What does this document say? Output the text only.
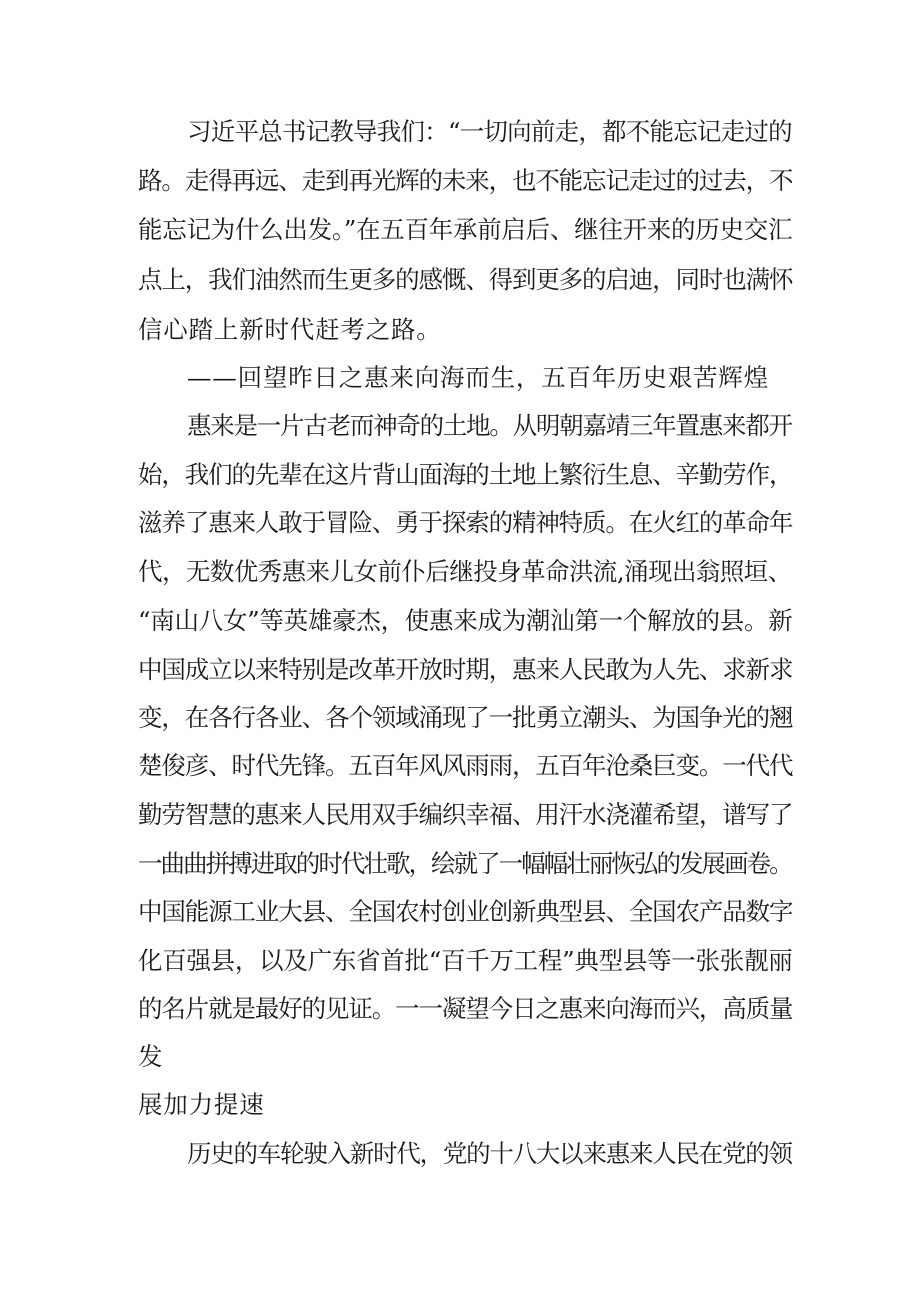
习近平总书记教导我们：“一切向前走，都不能忘记走过的
路。走得再远、走到再光辉的未来，也不能忘记走过的过去，不
能忘记为什么出发。”在五百年承前启后、继往开来的历史交汇
点上，我们油然而生更多的感慨、得到更多的启迪，同时也满怀
信心踏上新时代赶考之路。
——回望昨日之惠来向海而生，五百年历史艰苦辉煌
惠来是一片古老而神奇的土地。从明朝嘉靖三年置惠来都开
始，我们的先辈在这片背山面海的土地上繁衍生息、辛勤劳作，
滋养了惠来人敢于冒险、勇于探索的精神特质。在火红的革命年
代，无数优秀惠来儿女前仆后继投身革命洪流,涌现出翁照垣、
“南山八女”等英雄豪杰，使惠来成为潮汕第一个解放的县。新
中国成立以来特别是改革开放时期，惠来人民敢为人先、求新求
变，在各行各业、各个领域涌现了一批勇立潮头、为国争光的翘
楚俊彦、时代先锋。五百年风风雨雨，五百年沧桑巨变。一代代
勤劳智慧的惠来人民用双手编织幸福、用汗水浇灌希望，谱写了
一曲曲拼搏进取的时代壮歌，绘就了一幅幅壮丽恢弘的发展画卷。
中国能源工业大县、全国农村创业创新典型县、全国农产品数字
化百强县，以及广东省首批“百千万工程”典型县等一张张靓丽
的名片就是最好的见证。一一凝望今日之惠来向海而兴，高质量
发
展加力提速
历史的车轮驶入新时代，党的十八大以来惠来人民在党的领
